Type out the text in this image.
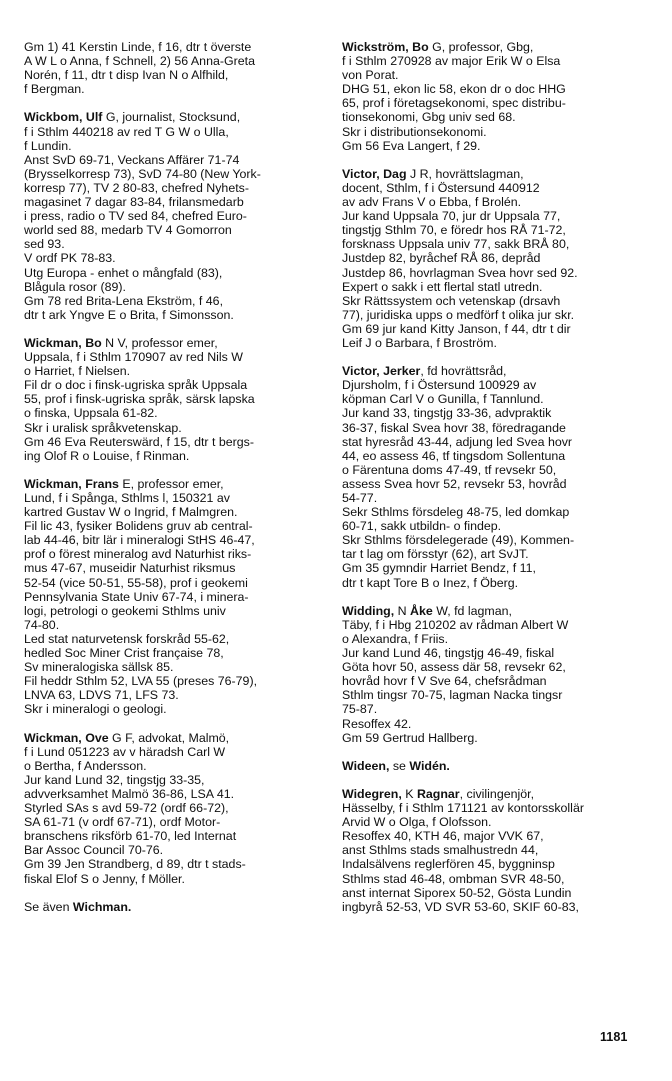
Gm 1) 41 Kerstin Linde, f 16, dtr t överste
A W L o Anna, f Schnell, 2) 56 Anna-Greta
Norén, f 11, dtr t disp Ivan N o Alfhild,
f Bergman.
Wickbom, Ulf G, journalist, Stocksund,
f i Sthlm 440218 av red T G W o Ulla,
f Lundin.
Anst SvD 69-71, Veckans Affärer 71-74
(Brysselkorresp 73), SvD 74-80 (New York-
korresp 77), TV 2 80-83, chefred Nyhets-
magasinet 7 dagar 83-84, frilansmedarb
i press, radio o TV sed 84, chefred Euro-
world sed 88, medarb TV 4 Gomorron
sed 93.
V ordf PK 78-83.
Utg Europa - enhet o mångfald (83),
Blågula rosor (89).
Gm 78 red Brita-Lena Ekström, f 46,
dtr t ark Yngve E o Brita, f Simonsson.
Wickman, Bo N V, professor emer,
Uppsala, f i Sthlm 170907 av red Nils W
o Harriet, f Nielsen.
Fil dr o doc i finsk-ugriska språk Uppsala
55, prof i finsk-ugriska språk, särsk lapska
o finska, Uppsala 61-82.
Skr i uralisk språkvetenskap.
Gm 46 Eva Reuterswärd, f 15, dtr t bergs-
ing Olof R o Louise, f Rinman.
Wickman, Frans E, professor emer,
Lund, f i Spånga, Sthlms l, 150321 av
kartred Gustav W o Ingrid, f Malmgren.
Fil lic 43, fysiker Bolidens gruv ab central-
lab 44-46, bitr lär i mineralogi StHS 46-47,
prof o förest mineralog avd Naturhist riks-
mus 47-67, museidir Naturhist riksmus
52-54 (vice 50-51, 55-58), prof i geokemi
Pennsylvania State Univ 67-74, i minera-
logi, petrologi o geokemi Sthlms univ
74-80.
Led stat naturvetensk forskråd 55-62,
hedled Soc Miner Crist française 78,
Sv mineralogiska sällsk 85.
Fil heddr Sthlm 52, LVA 55 (preses 76-79),
LNVA 63, LDVS 71, LFS 73.
Skr i mineralogi o geologi.
Wickman, Ove G F, advokat, Malmö,
f i Lund 051223 av v häradsh Carl W
o Bertha, f Andersson.
Jur kand Lund 32, tingstjg 33-35,
advverksamhet Malmö 36-86, LSA 41.
Styrled SAs s avd 59-72 (ordf 66-72),
SA 61-71 (v ordf 67-71), ordf Motor-
branschens riksförb 61-70, led Internat
Bar Assoc Council 70-76.
Gm 39 Jen Strandberg, d 89, dtr t stads-
fiskal Elof S o Jenny, f Möller.
Se även Wichman.
Wickström, Bo G, professor, Gbg,
f i Sthlm 270928 av major Erik W o Elsa
von Porat.
DHG 51, ekon lic 58, ekon dr o doc HHG
65, prof i företagsekonomi, spec distribu-
tionsekonomi, Gbg univ sed 68.
Skr i distributionsekonomi.
Gm 56 Eva Langert, f 29.
Victor, Dag J R, hovrättslagman,
docent, Sthlm, f i Östersund 440912
av adv Frans V o Ebba, f Brolén.
Jur kand Uppsala 70, jur dr Uppsala 77,
tingstjg Sthlm 70, e föredr hos RÅ 71-72,
forsknass Uppsala univ 77, sakk BRÅ 80,
Justdep 82, byråchef RÅ 86, depråd
Justdep 86, hovrlagman Svea hovr sed 92.
Expert o sakk i ett flertal statl utredn.
Skr Rättssystem och vetenskap (drsavh
77), juridiska upps o medförf t olika jur skr.
Gm 69 jur kand Kitty Janson, f 44, dtr t dir
Leif J o Barbara, f Broström.
Victor, Jerker, fd hovrättsråd,
Djursholm, f i Östersund 100929 av
köpman Carl V o Gunilla, f Tannlund.
Jur kand 33, tingstjg 33-36, advpraktik
36-37, fiskal Svea hovr 38, föredragande
stat hyresråd 43-44, adjung led Svea hovr
44, eo assess 46, tf tingsdom Sollentuna
o Färentuna doms 47-49, tf revsekr 50,
assess Svea hovr 52, revsekr 53, hovråd
54-77.
Sekr Sthlms försdeleg 48-75, led domkap
60-71, sakk utbildn- o findep.
Skr Sthlms försdelegerade (49), Kommen-
tar t lag om försstyr (62), art SvJT.
Gm 35 gymndir Harriet Bendz, f 11,
dtr t kapt Tore B o Inez, f Öberg.
Widding, N Åke W, fd lagman,
Täby, f i Hbg 210202 av rådman Albert W
o Alexandra, f Friis.
Jur kand Lund 46, tingstjg 46-49, fiskal
Göta hovr 50, assess där 58, revsekr 62,
hovråd hovr f V Sve 64, chefsrådman
Sthlm tingsr 70-75, lagman Nacka tingsr
75-87.
Resoffex 42.
Gm 59 Gertrud Hallberg.
Wideen, se Widén.
Widegren, K Ragnar, civilingenjör,
Hässelby, f i Sthlm 171121 av kontorsskollär
Arvid W o Olga, f Olofsson.
Resoffex 40, KTH 46, major VVK 67,
anst Sthlms stads smalhustredn 44,
Indalsälvens reglerfören 45, byggninsp
Sthlms stad 46-48, ombman SVR 48-50,
anst internat Siporex 50-52, Gösta Lundin
ingbyrå 52-53, VD SVR 53-60, SKIF 60-83,
1181
